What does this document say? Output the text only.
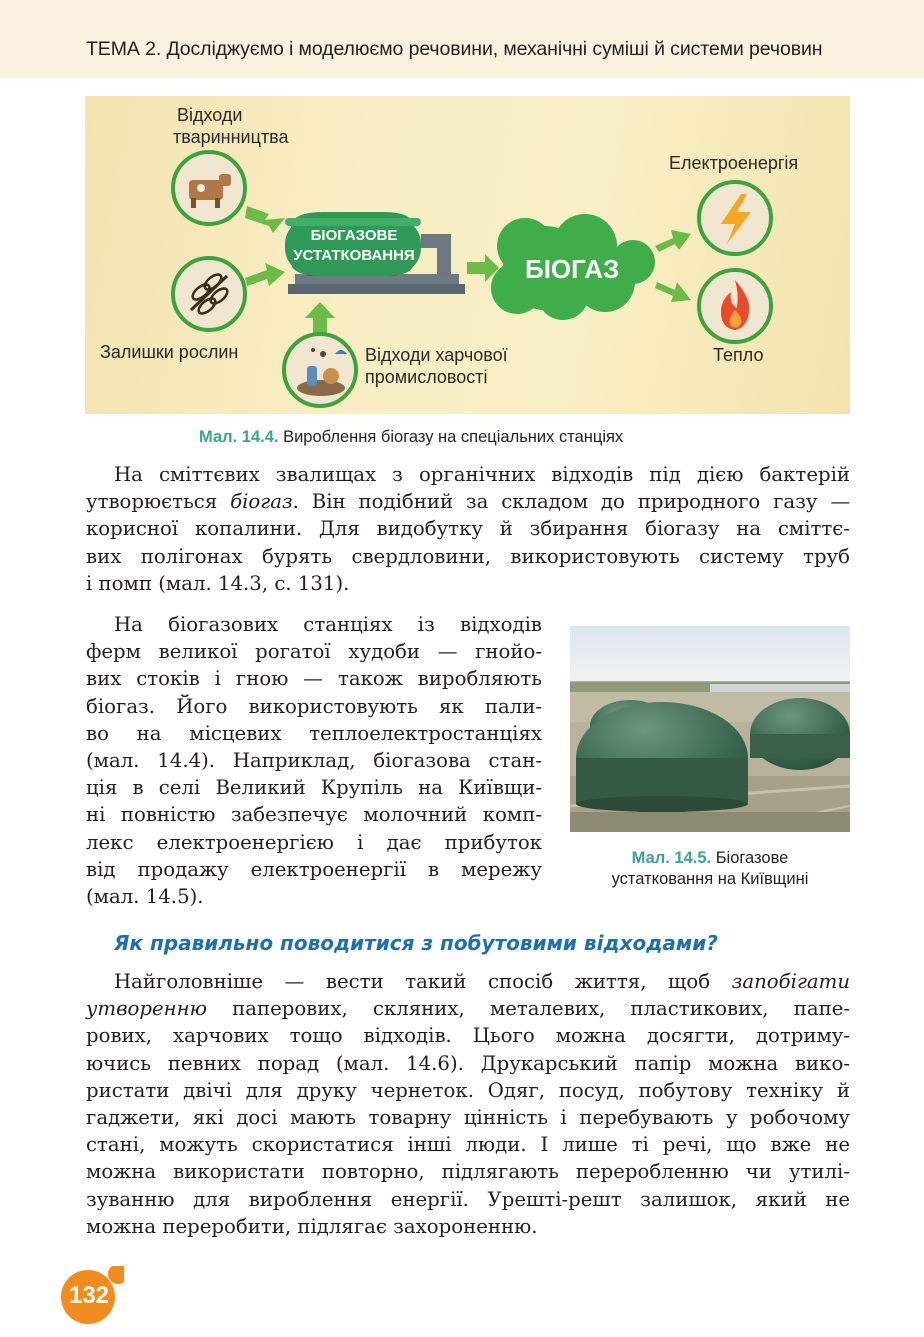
ТЕМА 2. Досліджуємо і моделюємо речовини, механічні суміші й системи речовин
Відходи
тваринництва
Залишки рослин	Відходи харчової
промисловості
БІОГАЗОВЕ
УСТАТКОВАННЯ	БІОГАЗ
Електроенергія
Тепло
Мал. 14.4. Вироблення біогазу на спеціальних станціях
На сміттєвих звалищах з органічних відходів під дією бактерій
утворюється біогаз. Він подібний за складом до природного газу —
корисної копалини. Для видобутку й збирання біогазу на сміттє-
вих полігонах бурять свердловини, використовують систему труб
і помп (мал. 14.3, с. 131).
На біогазових станціях із відходів
ферм великої рогатої худоби — гнойо-
вих стоків і гною — також виробляють
біогаз. Його використовують як пали-
во на місцевих теплоелектростанціях
(мал. 14.4). Наприклад, біогазова стан-
ція в селі Великий Крупіль на Київщи-
ні повністю забезпечує молочний комп-
лекс електроенергією і дає прибуток
від продажу електроенергії в мережу
(мал. 14.5).
Мал. 14.5. Біогазове
устатковання на Київщині
Як правильно поводитися з побутовими відходами?
Найголовніше — вести такий спосіб життя, щоб запобігати
утворенню паперових, скляних, металевих, пластикових, папе-
рових, харчових тощо відходів. Цього можна досягти, дотриму-
ючись певних порад (мал. 14.6). Друкарський папір можна вико-
ристати двічі для друку чернеток. Одяг, посуд, побутову техніку й
гаджети, які досі мають товарну цінність і перебувають у робочому
стані, можуть скористатися інші люди. І лише ті речі, що вже не
можна використати повторно, підлягають переробленню чи утилі-
зуванню для вироблення енергії. Урешті-решт залишок, який не
можна переробити, підлягає захороненню.
132
